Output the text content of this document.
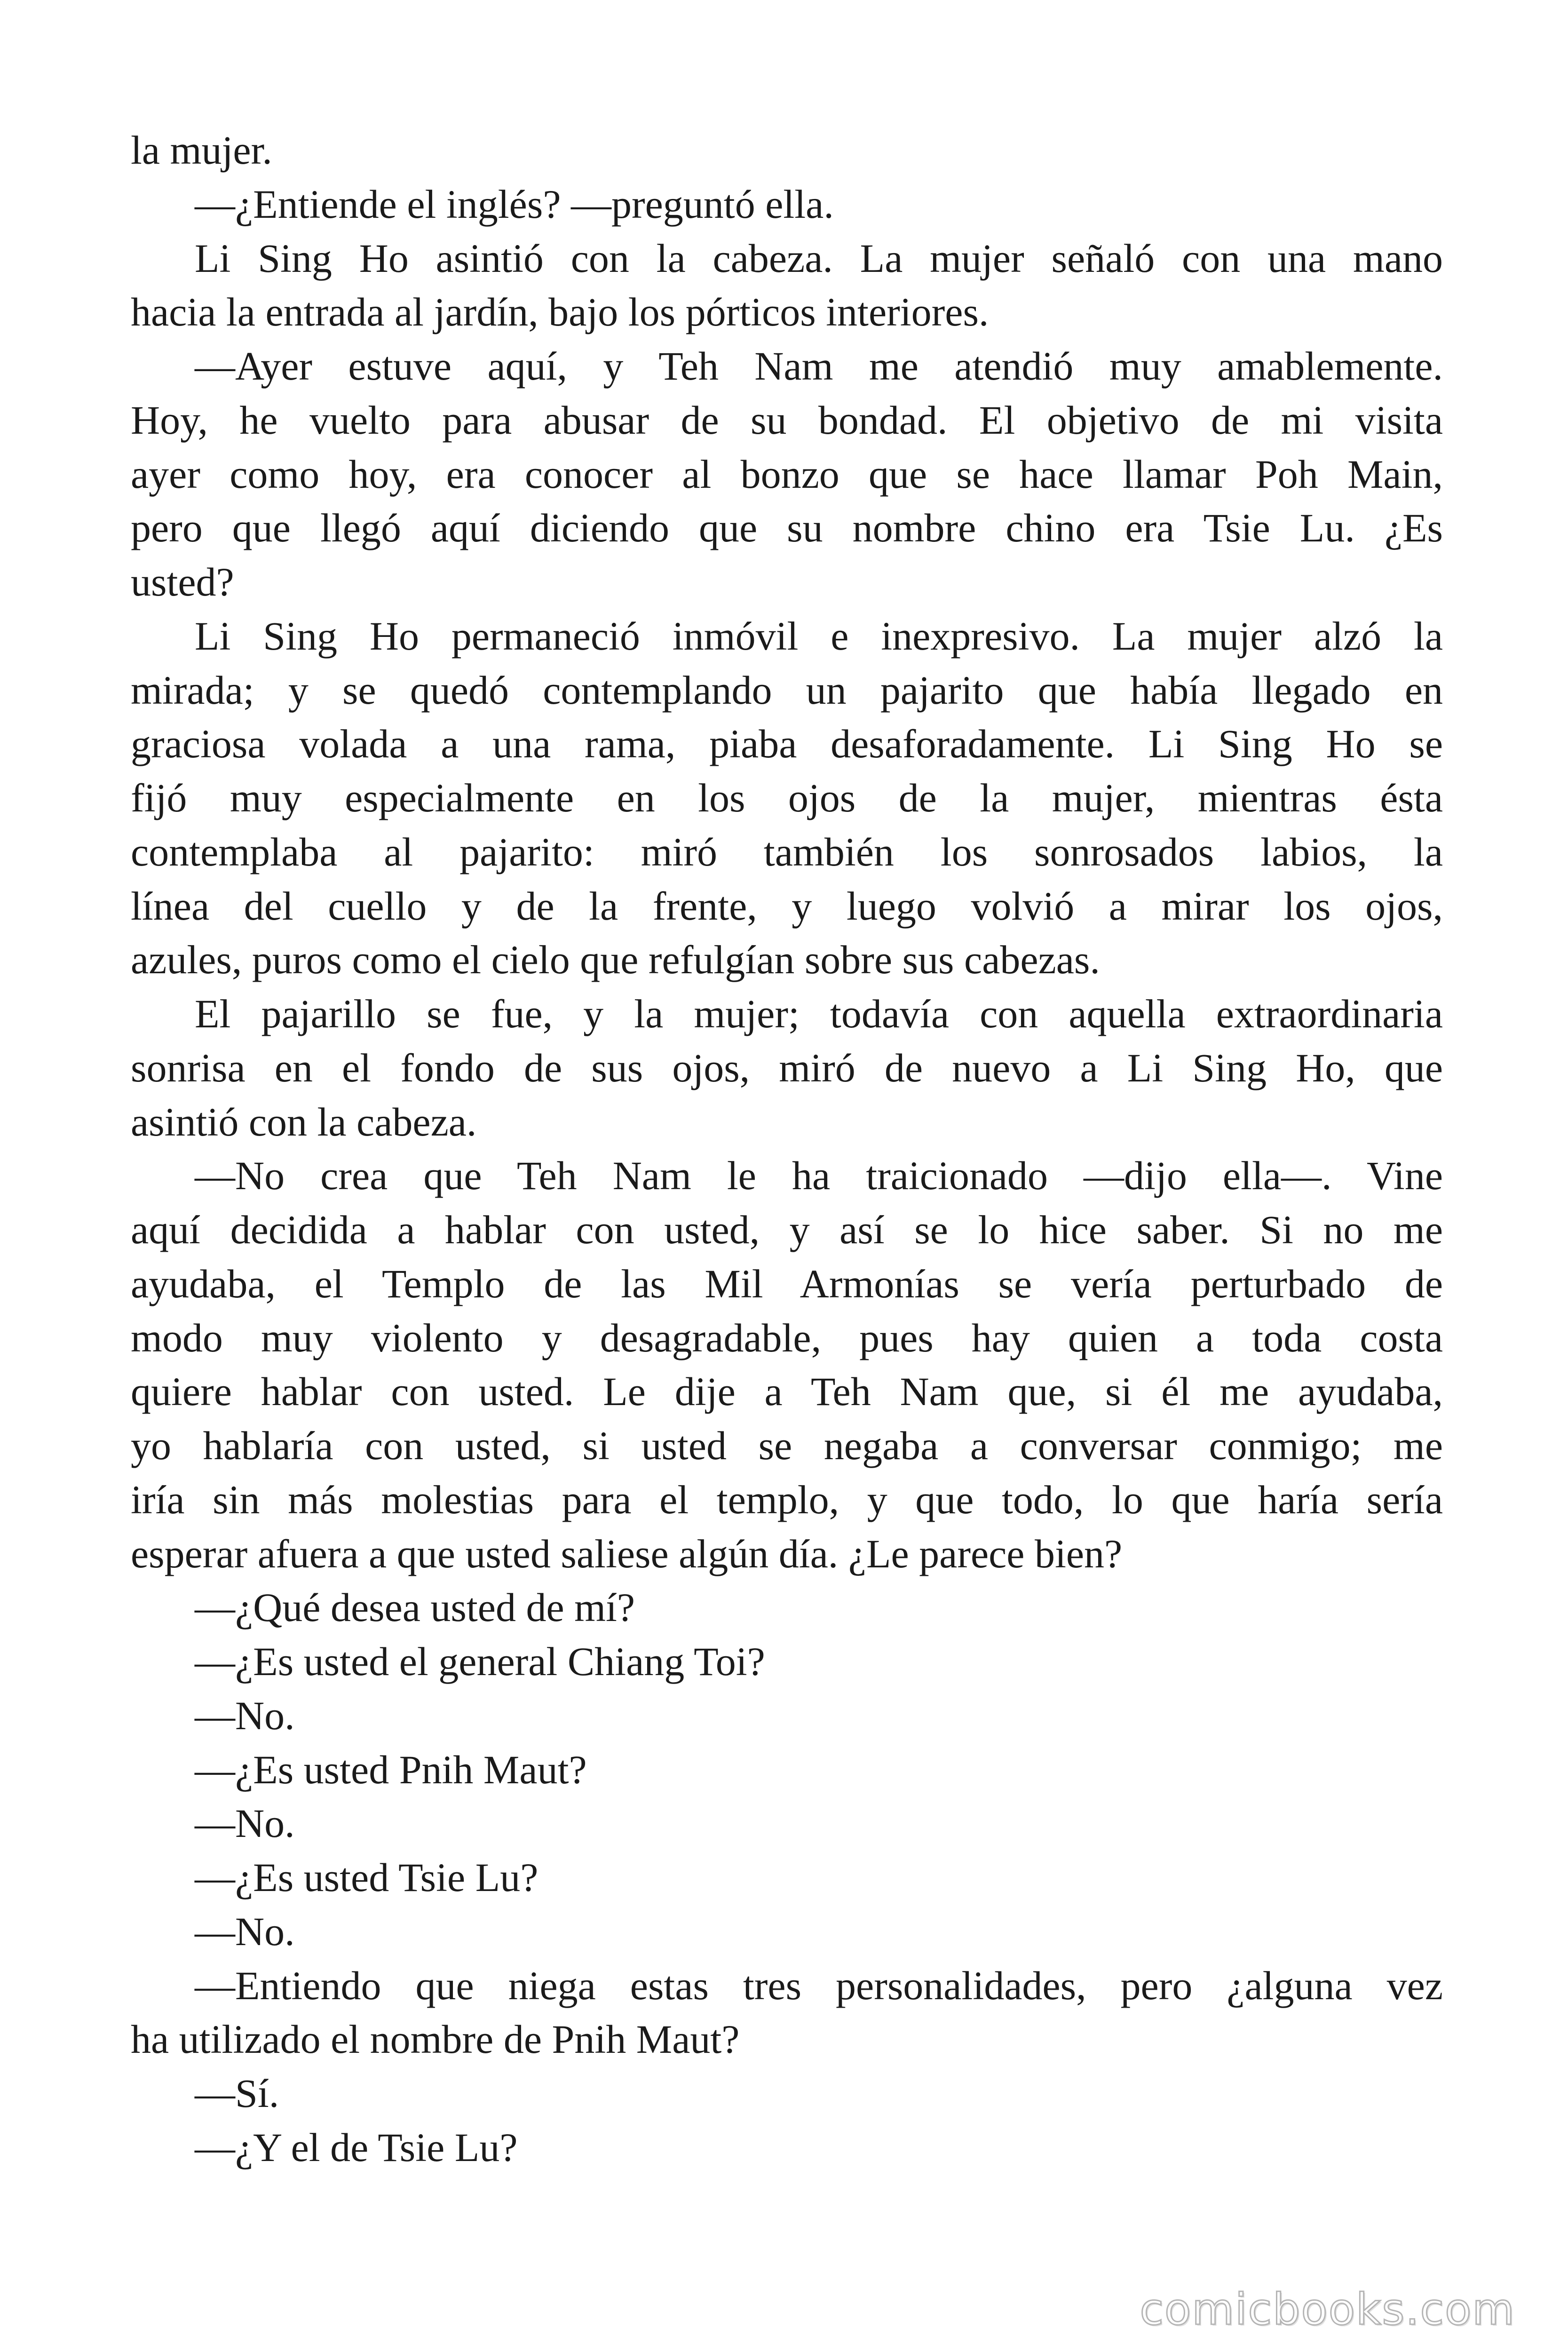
la mujer.
—¿Entiende el inglés? —preguntó ella.
Li Sing Ho asintió con la cabeza. La mujer señaló con una mano
hacia la entrada al jardín, bajo los pórticos interiores.
—Ayer estuve aquí, y Teh Nam me atendió muy amablemente.
Hoy, he vuelto para abusar de su bondad. El objetivo de mi visita
ayer como hoy, era conocer al bonzo que se hace llamar Poh Main,
pero que llegó aquí diciendo que su nombre chino era Tsie Lu. ¿Es
usted?
Li Sing Ho permaneció inmóvil e inexpresivo. La mujer alzó la
mirada; y se quedó contemplando un pajarito que había llegado en
graciosa volada a una rama, piaba desaforadamente. Li Sing Ho se
fijó muy especialmente en los ojos de la mujer, mientras ésta
contemplaba al pajarito: miró también los sonrosados labios, la
línea del cuello y de la frente, y luego volvió a mirar los ojos,
azules, puros como el cielo que refulgían sobre sus cabezas.
El pajarillo se fue, y la mujer; todavía con aquella extraordinaria
sonrisa en el fondo de sus ojos, miró de nuevo a Li Sing Ho, que
asintió con la cabeza.
—No crea que Teh Nam le ha traicionado —dijo ella—. Vine
aquí decidida a hablar con usted, y así se lo hice saber. Si no me
ayudaba, el Templo de las Mil Armonías se vería perturbado de
modo muy violento y desagradable, pues hay quien a toda costa
quiere hablar con usted. Le dije a Teh Nam que, si él me ayudaba,
yo hablaría con usted, si usted se negaba a conversar conmigo; me
iría sin más molestias para el templo, y que todo, lo que haría sería
esperar afuera a que usted saliese algún día. ¿Le parece bien?
—¿Qué desea usted de mí?
—¿Es usted el general Chiang Toi?
—No.
—¿Es usted Pnih Maut?
—No.
—¿Es usted Tsie Lu?
—No.
—Entiendo que niega estas tres personalidades, pero ¿alguna vez
ha utilizado el nombre de Pnih Maut?
—Sí.
—¿Y el de Tsie Lu?
comicbooks.com
